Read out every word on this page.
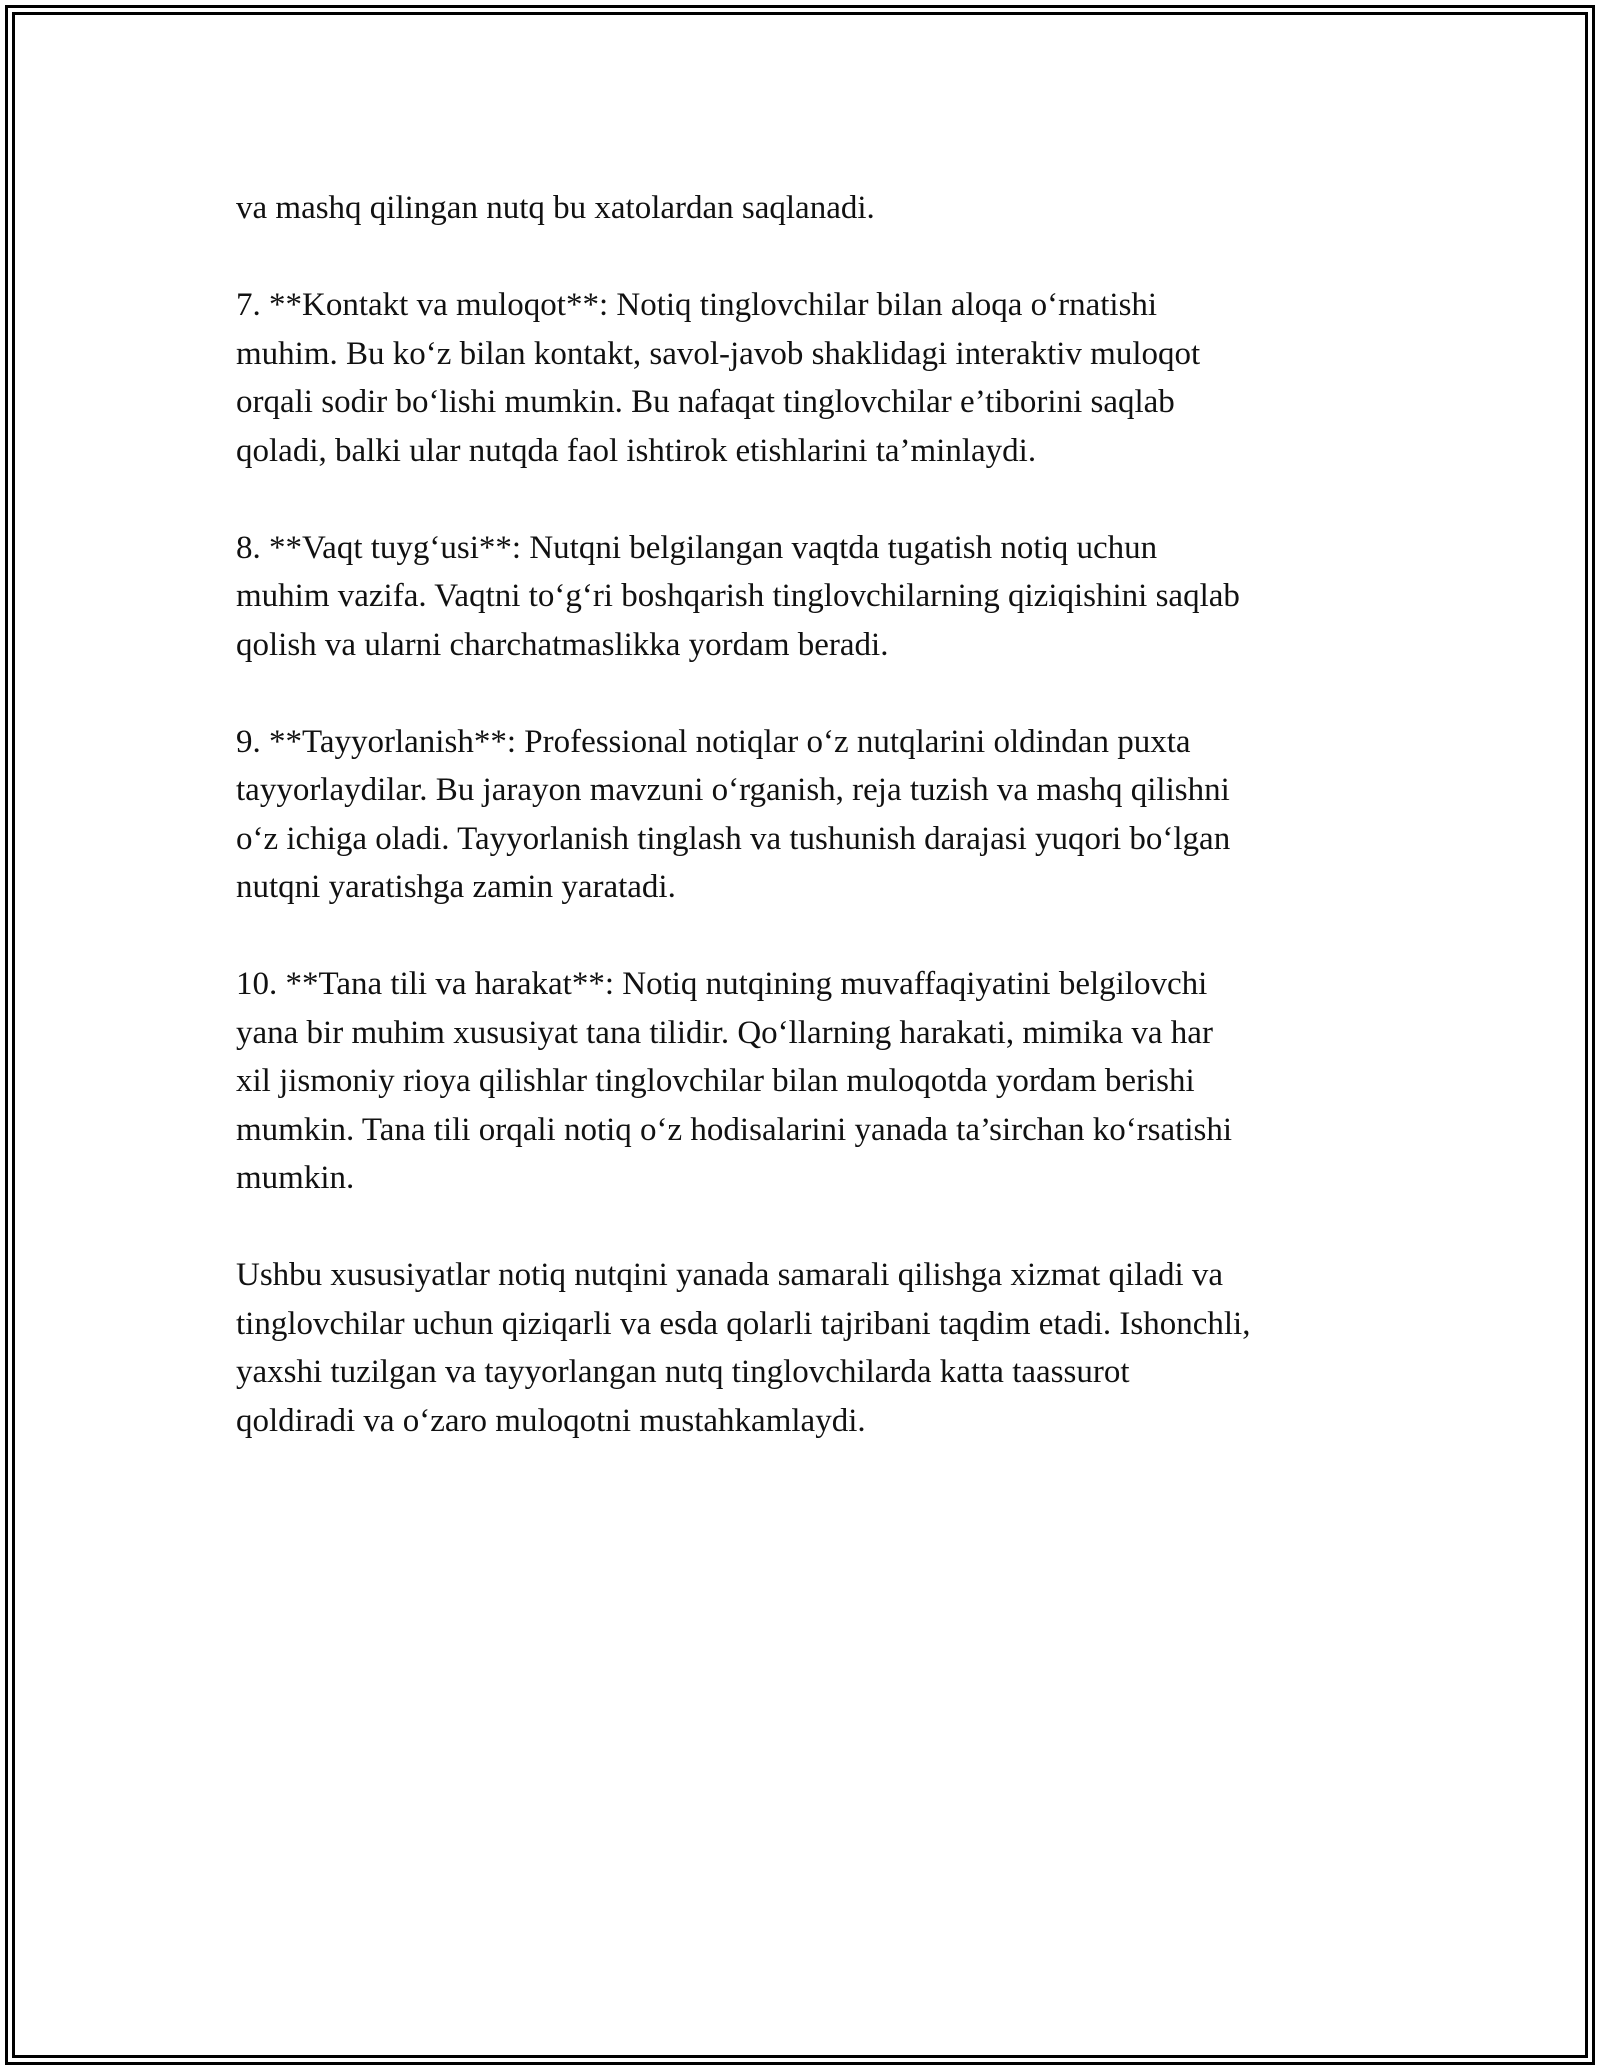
va mashq qilingan nutq bu xatolardan saqlanadi.

7. **Kontakt va muloqot**: Notiq tinglovchilar bilan aloqa o‘rnatishi
muhim. Bu ko‘z bilan kontakt, savol-javob shaklidagi interaktiv muloqot
orqali sodir bo‘lishi mumkin. Bu nafaqat tinglovchilar e’tiborini saqlab
qoladi, balki ular nutqda faol ishtirok etishlarini ta’minlaydi.

8. **Vaqt tuyg‘usi**: Nutqni belgilangan vaqtda tugatish notiq uchun
muhim vazifa. Vaqtni to‘g‘ri boshqarish tinglovchilarning qiziqishini saqlab
qolish va ularni charchatmaslikka yordam beradi.

9. **Tayyorlanish**: Professional notiqlar o‘z nutqlarini oldindan puxta
tayyorlaydilar. Bu jarayon mavzuni o‘rganish, reja tuzish va mashq qilishni
o‘z ichiga oladi. Tayyorlanish tinglash va tushunish darajasi yuqori bo‘lgan
nutqni yaratishga zamin yaratadi.

10. **Tana tili va harakat**: Notiq nutqining muvaffaqiyatini belgilovchi
yana bir muhim xususiyat tana tilidir. Qo‘llarning harakati, mimika va har
xil jismoniy rioya qilishlar tinglovchilar bilan muloqotda yordam berishi
mumkin. Tana tili orqali notiq o‘z hodisalarini yanada ta’sirchan ko‘rsatishi
mumkin.

Ushbu xususiyatlar notiq nutqini yanada samarali qilishga xizmat qiladi va
tinglovchilar uchun qiziqarli va esda qolarli tajribani taqdim etadi. Ishonchli,
yaxshi tuzilgan va tayyorlangan nutq tinglovchilarda katta taassurot
qoldiradi va o‘zaro muloqotni mustahkamlaydi.
